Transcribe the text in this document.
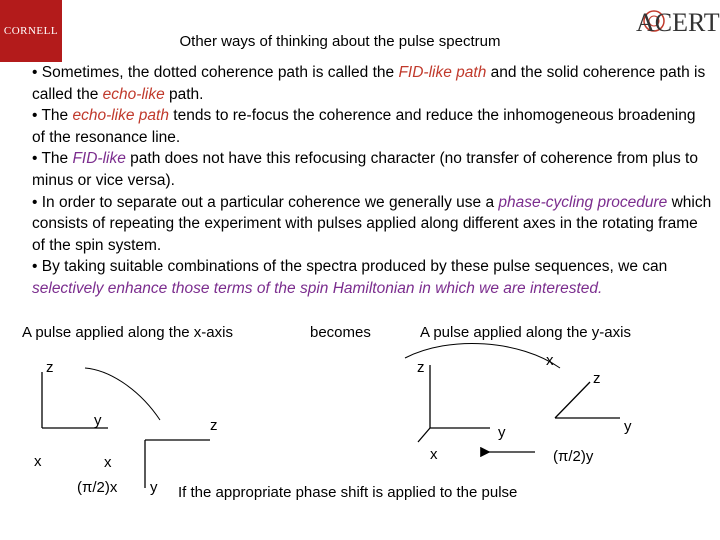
CORNELL	ACERT
Other ways of thinking about the pulse spectrum

• Sometimes, the dotted coherence path is called the FID-like path and the solid coherence path is called the echo-like path.

• The echo-like path tends to re-focus the coherence and reduce the inhomogeneous broadening of the resonance line.

• The FID-like path does not have this refocusing character (no transfer of coherence from plus to minus or vice versa).

• In order to separate out a particular coherence we generally use a phase-cycling procedure which consists of repeating the experiment with pulses applied along different axes in the rotating frame of the spin system.

• By taking suitable combinations of the spectra produced by these pulse sequences, we can selectively enhance those terms of the spin Hamiltonian in which we are interested.

A pulse applied along the x-axis	becomes	A pulse applied along the y-axis
z
y
x
z
x
y
(π/2)x
z
y
x
x
z
y
(π/2)y
If the appropriate phase shift is applied to the pulse
